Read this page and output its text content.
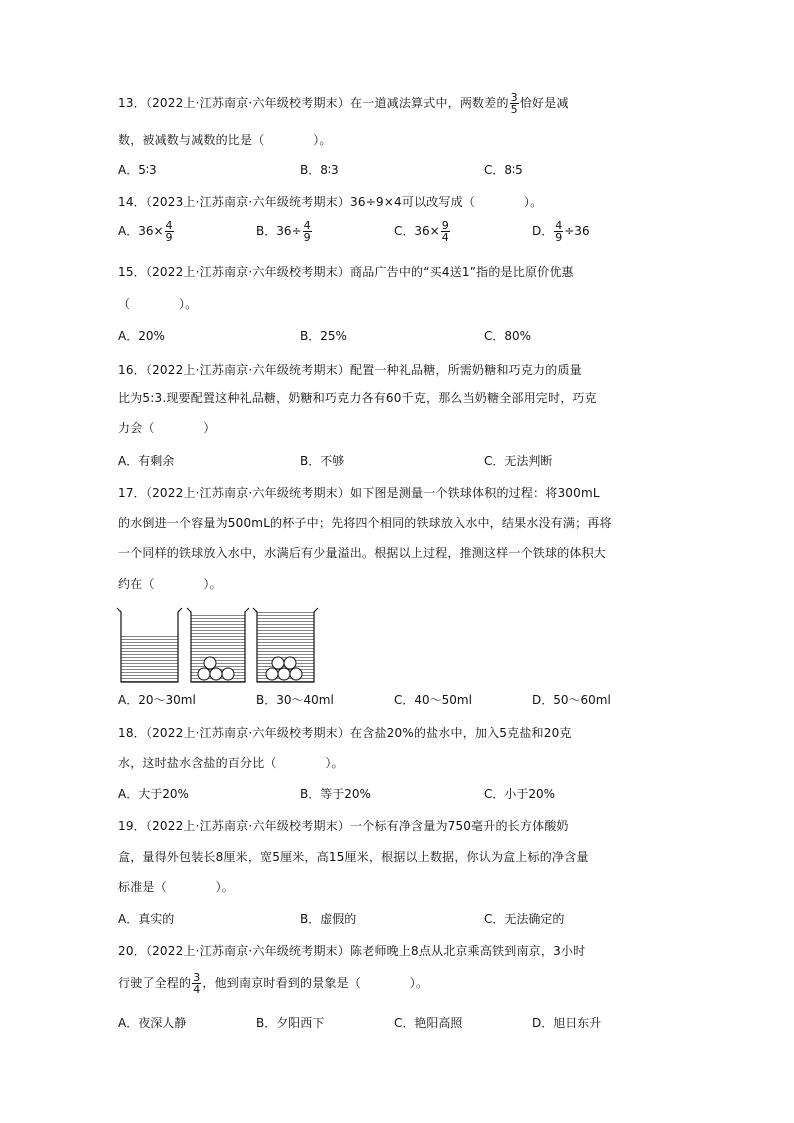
13．（2022上·江苏南京·六年级校考期末）在一道减法算式中，两数差的 $\frac{3}{5}$ 恰好是减
数，被减数与减数的比是（　　　　）。
A．5∶3	B．8∶3	C．8∶5
14．（2023上·江苏南京·六年级统考期末）36÷9×4可以改写成（　　　　）。
A．$36\times \frac{4}{9}$	B．$36\div \frac{4}{9}$	C．$36\times \frac{9}{4}$	D． $\frac{4}{9} \div 36$
15．（2022上·江苏南京·六年级校考期末）商品广告中的“买4送1”指的是比原价优惠
（　　　　）。
A．20%	B．25%	C．80%
16．（2022上·江苏南京·六年级统考期末）配置一种礼品糖，所需奶糖和巧克力的质量
比为5:3.现要配置这种礼品糖，奶糖和巧克力各有60千克，那么当奶糖全部用完时，巧克
力会（　　　　）
A．有剩余	B．不够	C．无法判断
17．（2022上·江苏南京·六年级统考期末）如下图是测量一个铁球体积的过程：将300mL
的水倒进一个容量为500mL的杯子中；先将四个相同的铁球放入水中，结果水没有满；再将
一个同样的铁球放入水中，水满后有少量溢出。根据以上过程，推测这样一个铁球的体积大
约在（　　　　）。
A．20～30ml	B．30～40ml	C．40～50ml	D．50～60ml
18．（2022上·江苏南京·六年级校考期末）在含盐20%的盐水中，加入5克盐和20克
水，这时盐水含盐的百分比（　　　　）。
A．大于20%	B．等于20%	C．小于20%
19．（2022上·江苏南京·六年级校考期末）一个标有净含量为750毫升的长方体酸奶
盒，量得外包装长8厘米，宽5厘米，高15厘米，根据以上数据，你认为盒上标的净含量
标准是（　　　　）。
A．真实的	B．虚假的	C．无法确定的
20．（2022上·江苏南京·六年级统考期末）陈老师晚上8点从北京乘高铁到南京，3小时
行驶了全程的 $\frac{3}{4}$ ，他到南京时看到的景象是（　　　　）。
A．夜深人静	B．夕阳西下	C．艳阳高照	D．旭日东升
